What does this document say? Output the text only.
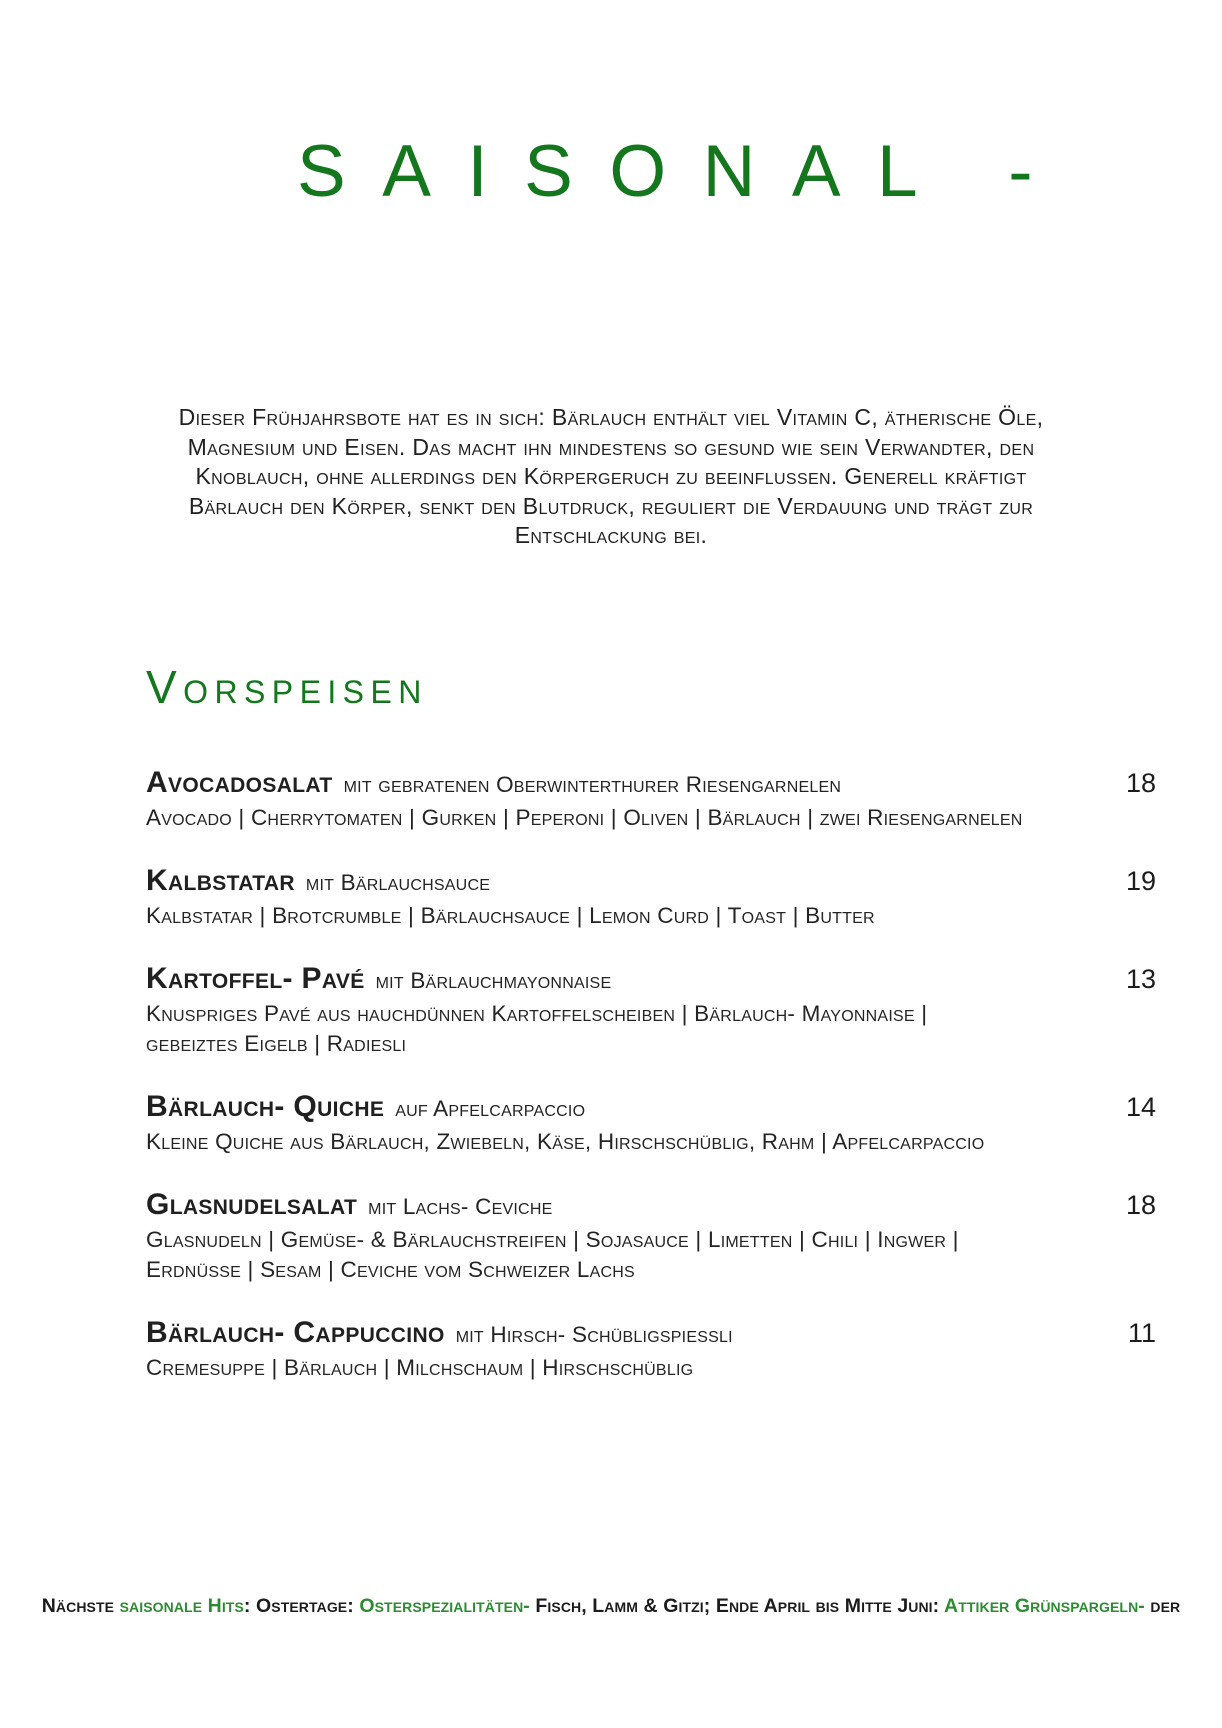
SAISONAL -
Dieser Frühjahrsbote hat es in sich: Bärlauch enthält viel Vitamin C, ätherische Öle,
Magnesium und Eisen. Das macht ihn mindestens so gesund wie sein Verwandter, den
Knoblauch, ohne allerdings den Körpergeruch zu beeinflussen. Generell kräftigt
Bärlauch den Körper, senkt den Blutdruck, reguliert die Verdauung und trägt zur
Entschlackung bei.
Vorspeisen
Avocadosalat mit gebratenen Oberwinterthurer Riesengarnelen	18
Avocado | Cherrytomaten | Gurken | Peperoni | Oliven | Bärlauch | zwei Riesengarnelen
Kalbstatar mit Bärlauchsauce	19
Kalbstatar | Brotcrumble | Bärlauchsauce | Lemon Curd | Toast | Butter
Kartoffel- Pavé mit Bärlauchmayonnaise	13
Knuspriges Pavé aus hauchdünnen Kartoffelscheiben | Bärlauch- Mayonnaise |
gebeiztes Eigelb | Radiesli
Bärlauch- Quiche auf Apfelcarpaccio	14
Kleine Quiche aus Bärlauch, Zwiebeln, Käse, Hirschschüblig, Rahm | Apfelcarpaccio
Glasnudelsalat mit Lachs- Ceviche	18
Glasnudeln | Gemüse- & Bärlauchstreifen | Sojasauce | Limetten | Chili | Ingwer |
Erdnüsse | Sesam | Ceviche vom Schweizer Lachs
Bärlauch- Cappuccino mit Hirsch- Schübligspiessli	11
Cremesuppe | Bärlauch | Milchschaum | Hirschschüblig
Nächste saisonale Hits: Ostertage: Osterspezialitäten- Fisch, Lamm & Gitzi; Ende April bis Mitte Juni: Attiker Grünspargeln- der
